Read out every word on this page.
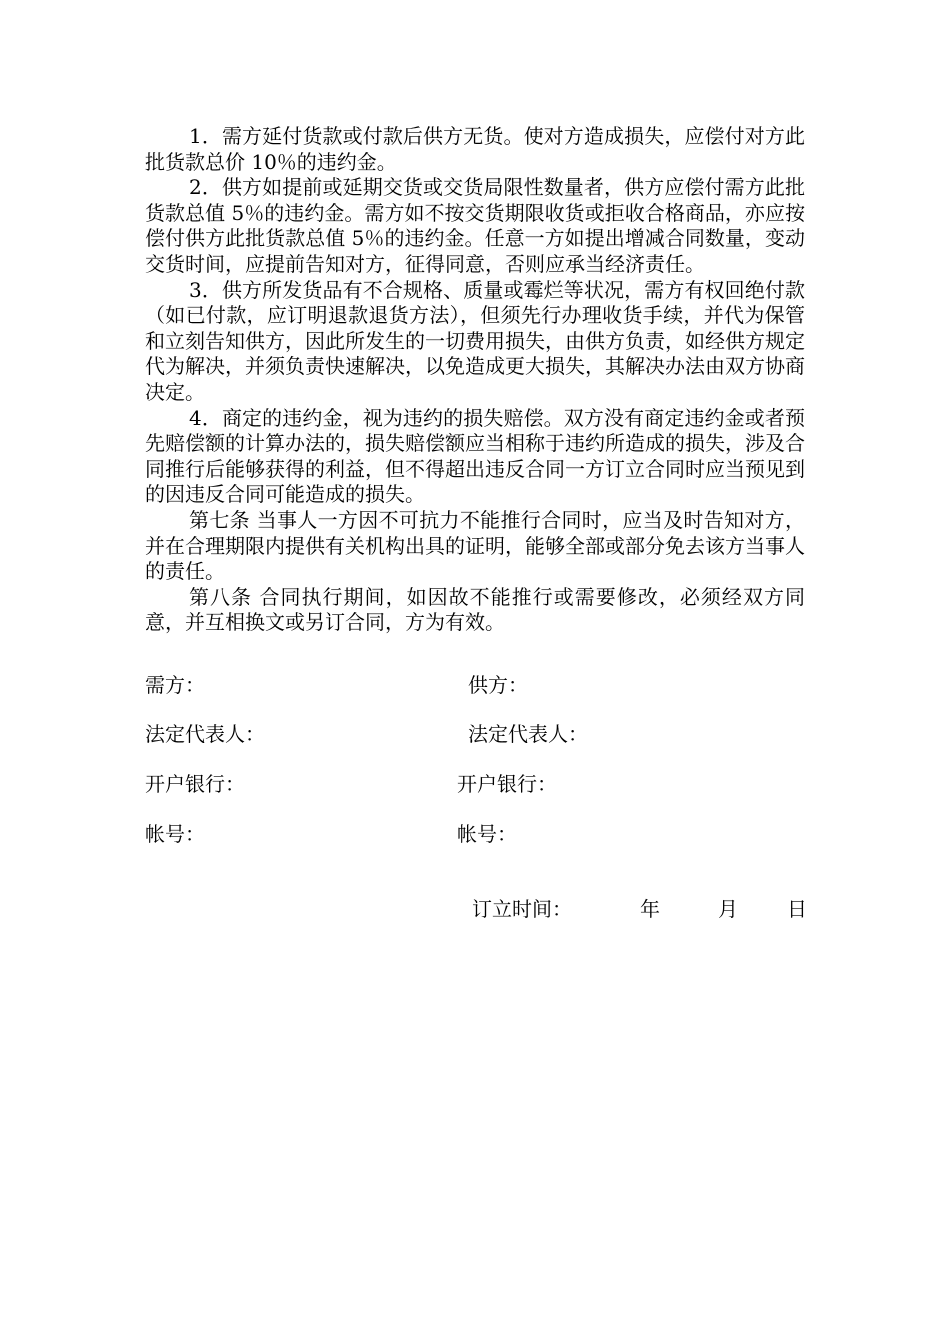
1．需方延付货款或付款后供方无货。使对方造成损失，应偿付对方此批货款总价 10％的违约金。

2．供方如提前或延期交货或交货局限性数量者，供方应偿付需方此批货款总值 5％的违约金。需方如不按交货期限收货或拒收合格商品，亦应按偿付供方此批货款总值 5％的违约金。任意一方如提出增减合同数量，变动交货时间，应提前告知对方，征得同意，否则应承当经济责任。

3．供方所发货品有不合规格、质量或霉烂等状况，需方有权回绝付款（如已付款，应订明退款退货方法），但须先行办理收货手续，并代为保管和立刻告知供方，因此所发生的一切费用损失，由供方负责，如经供方规定代为解决，并须负责快速解决，以免造成更大损失，其解决办法由双方协商决定。

4．商定的违约金，视为违约的损失赔偿。双方没有商定违约金或者预先赔偿额的计算办法的，损失赔偿额应当相称于违约所造成的损失，涉及合同推行后能够获得的利益，但不得超出违反合同一方订立合同时应当预见到的因违反合同可能造成的损失。

第七条 当事人一方因不可抗力不能推行合同时，应当及时告知对方，并在合理期限内提供有关机构出具的证明，能够全部或部分免去该方当事人的责任。

第八条 合同执行期间，如因故不能推行或需要修改，必须经双方同意，并互相换文或另订合同，方为有效。

需方：	供方：
法定代表人：	法定代表人：
开户银行：	开户银行：
帐号：	帐号：
订立时间：	年	月 日
